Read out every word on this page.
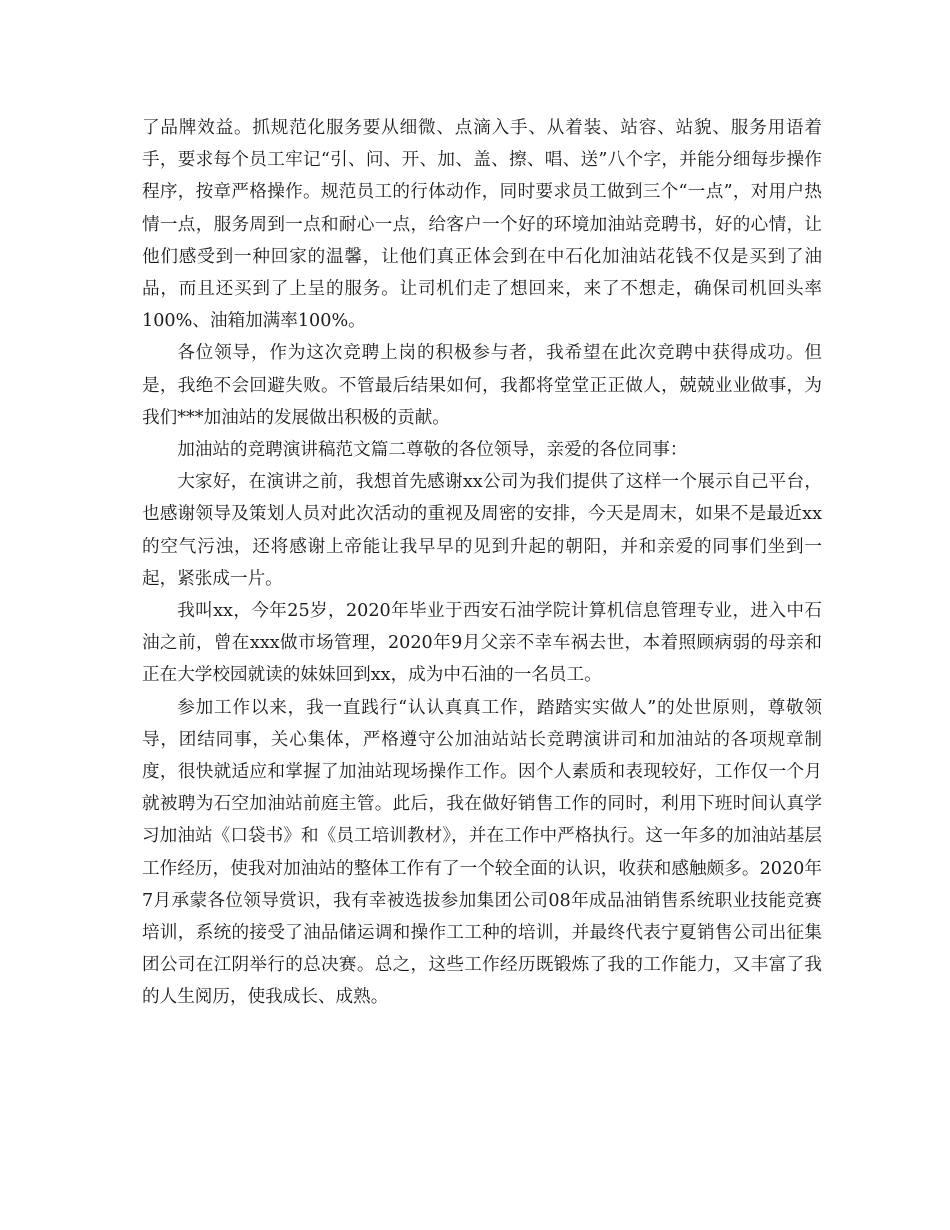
了品牌效益。抓规范化服务要从细微、点滴入手、从着装、站容、站貌、服务用语着手，要求每个员工牢记“引、问、开、加、盖、擦、唱、送”八个字，并能分细每步操作程序，按章严格操作。规范员工的行体动作，同时要求员工做到三个“一点”，对用户热情一点，服务周到一点和耐心一点，给客户一个好的环境加油站竞聘书，好的心情，让他们感受到一种回家的温馨，让他们真正体会到在中石化加油站花钱不仅是买到了油品，而且还买到了上呈的服务。让司机们走了想回来，来了不想走，确保司机回头率100%、油箱加满率100%。

各位领导，作为这次竞聘上岗的积极参与者，我希望在此次竞聘中获得成功。但是，我绝不会回避失败。不管最后结果如何，我都将堂堂正正做人，兢兢业业做事，为我们***加油站的发展做出积极的贡献。

加油站的竞聘演讲稿范文篇二尊敬的各位领导，亲爱的各位同事：

大家好，在演讲之前，我想首先感谢xx公司为我们提供了这样一个展示自己平台，也感谢领导及策划人员对此次活动的重视及周密的安排，今天是周末，如果不是最近xx的空气污浊，还将感谢上帝能让我早早的见到升起的朝阳，并和亲爱的同事们坐到一起，紧张成一片。

我叫xx，今年25岁，2020年毕业于西安石油学院计算机信息管理专业，进入中石油之前，曾在xxx做市场管理，2020年9月父亲不幸车祸去世，本着照顾病弱的母亲和正在大学校园就读的妹妹回到xx，成为中石油的一名员工。

参加工作以来，我一直践行“认认真真工作，踏踏实实做人”的处世原则，尊敬领导，团结同事，关心集体，严格遵守公加油站站长竞聘演讲司和加油站的各项规章制度，很快就适应和掌握了加油站现场操作工作。因个人素质和表现较好，工作仅一个月就被聘为石空加油站前庭主管。此后，我在做好销售工作的同时，利用下班时间认真学习加油站《口袋书》和《员工培训教材》，并在工作中严格执行。这一年多的加油站基层工作经历，使我对加油站的整体工作有了一个较全面的认识，收获和感触颇多。2020年7月承蒙各位领导赏识，我有幸被选拔参加集团公司08年成品油销售系统职业技能竞赛培训，系统的接受了油品储运调和操作工工种的培训，并最终代表宁夏销售公司出征集团公司在江阴举行的总决赛。总之，这些工作经历既锻炼了我的工作能力，又丰富了我的人生阅历，使我成长、成熟。
